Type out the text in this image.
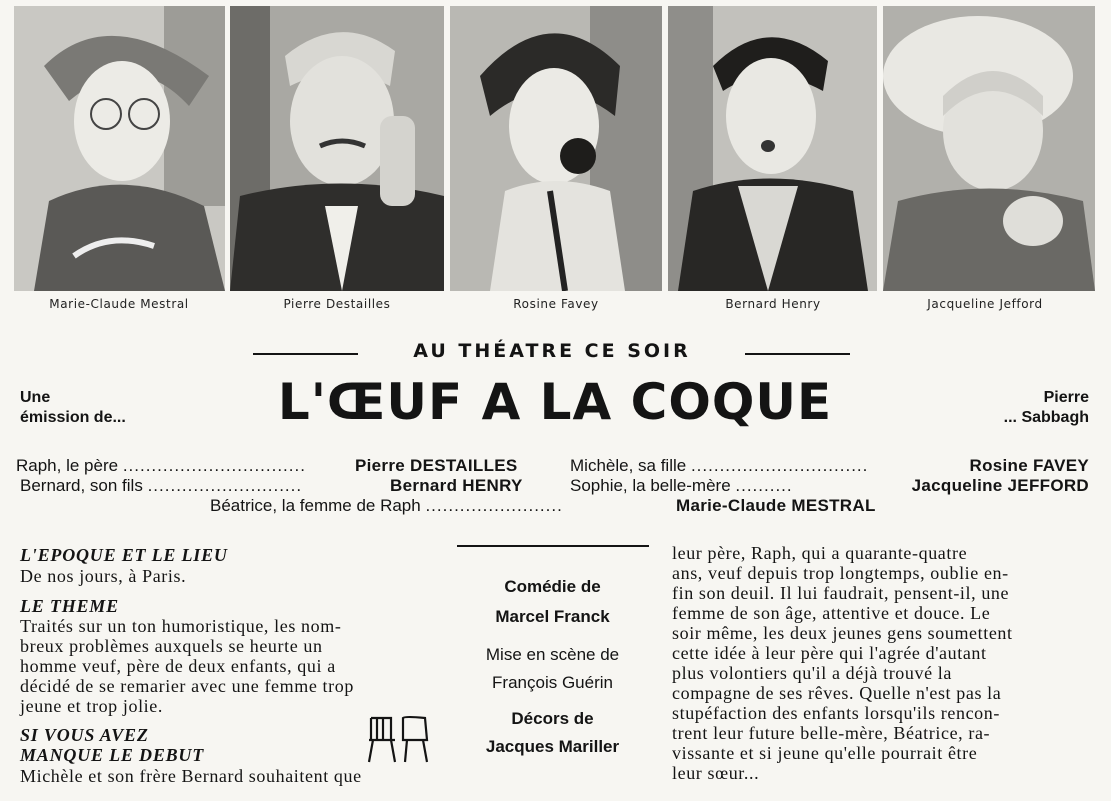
Marie-Claude Mestral	Pierre Destailles	Rosine Favey	Bernard Henry	Jacqueline Jefford
AU THÉATRE CE SOIR
Une
émission de...	L'ŒUF A LA COQUE	Pierre
... Sabbagh
Raph, le père ................................	Pierre DESTAILLES
Bernard, son fils ...........................	Bernard HENRY
Michèle, sa fille ...............................	Rosine FAVEY
Sophie, la belle-mère ..........	Jacqueline JEFFORD
Béatrice, la femme de Raph ........................	Marie-Claude MESTRAL
L'EPOQUE ET LE LIEU
De nos jours, à Paris.
LE THEME
Traités sur un ton humoristique, les nom-
breux problèmes auxquels se heurte un
homme veuf, père de deux enfants, qui a
décidé de se remarier avec une femme trop
jeune et trop jolie.
SI VOUS AVEZ
MANQUE LE DEBUT
Michèle et son frère Bernard souhaitent que
Comédie de
Marcel Franck
Mise en scène de
François Guérin
Décors de
Jacques Mariller
leur père, Raph, qui a quarante-quatre
ans, veuf depuis trop longtemps, oublie en-
fin son deuil. Il lui faudrait, pensent-il, une
femme de son âge, attentive et douce. Le
soir même, les deux jeunes gens soumettent
cette idée à leur père qui l'agrée d'autant
plus volontiers qu'il a déjà trouvé la
compagne de ses rêves. Quelle n'est pas la
stupéfaction des enfants lorsqu'ils rencon-
trent leur future belle-mère, Béatrice, ra-
vissante et si jeune qu'elle pourrait être
leur sœur...
